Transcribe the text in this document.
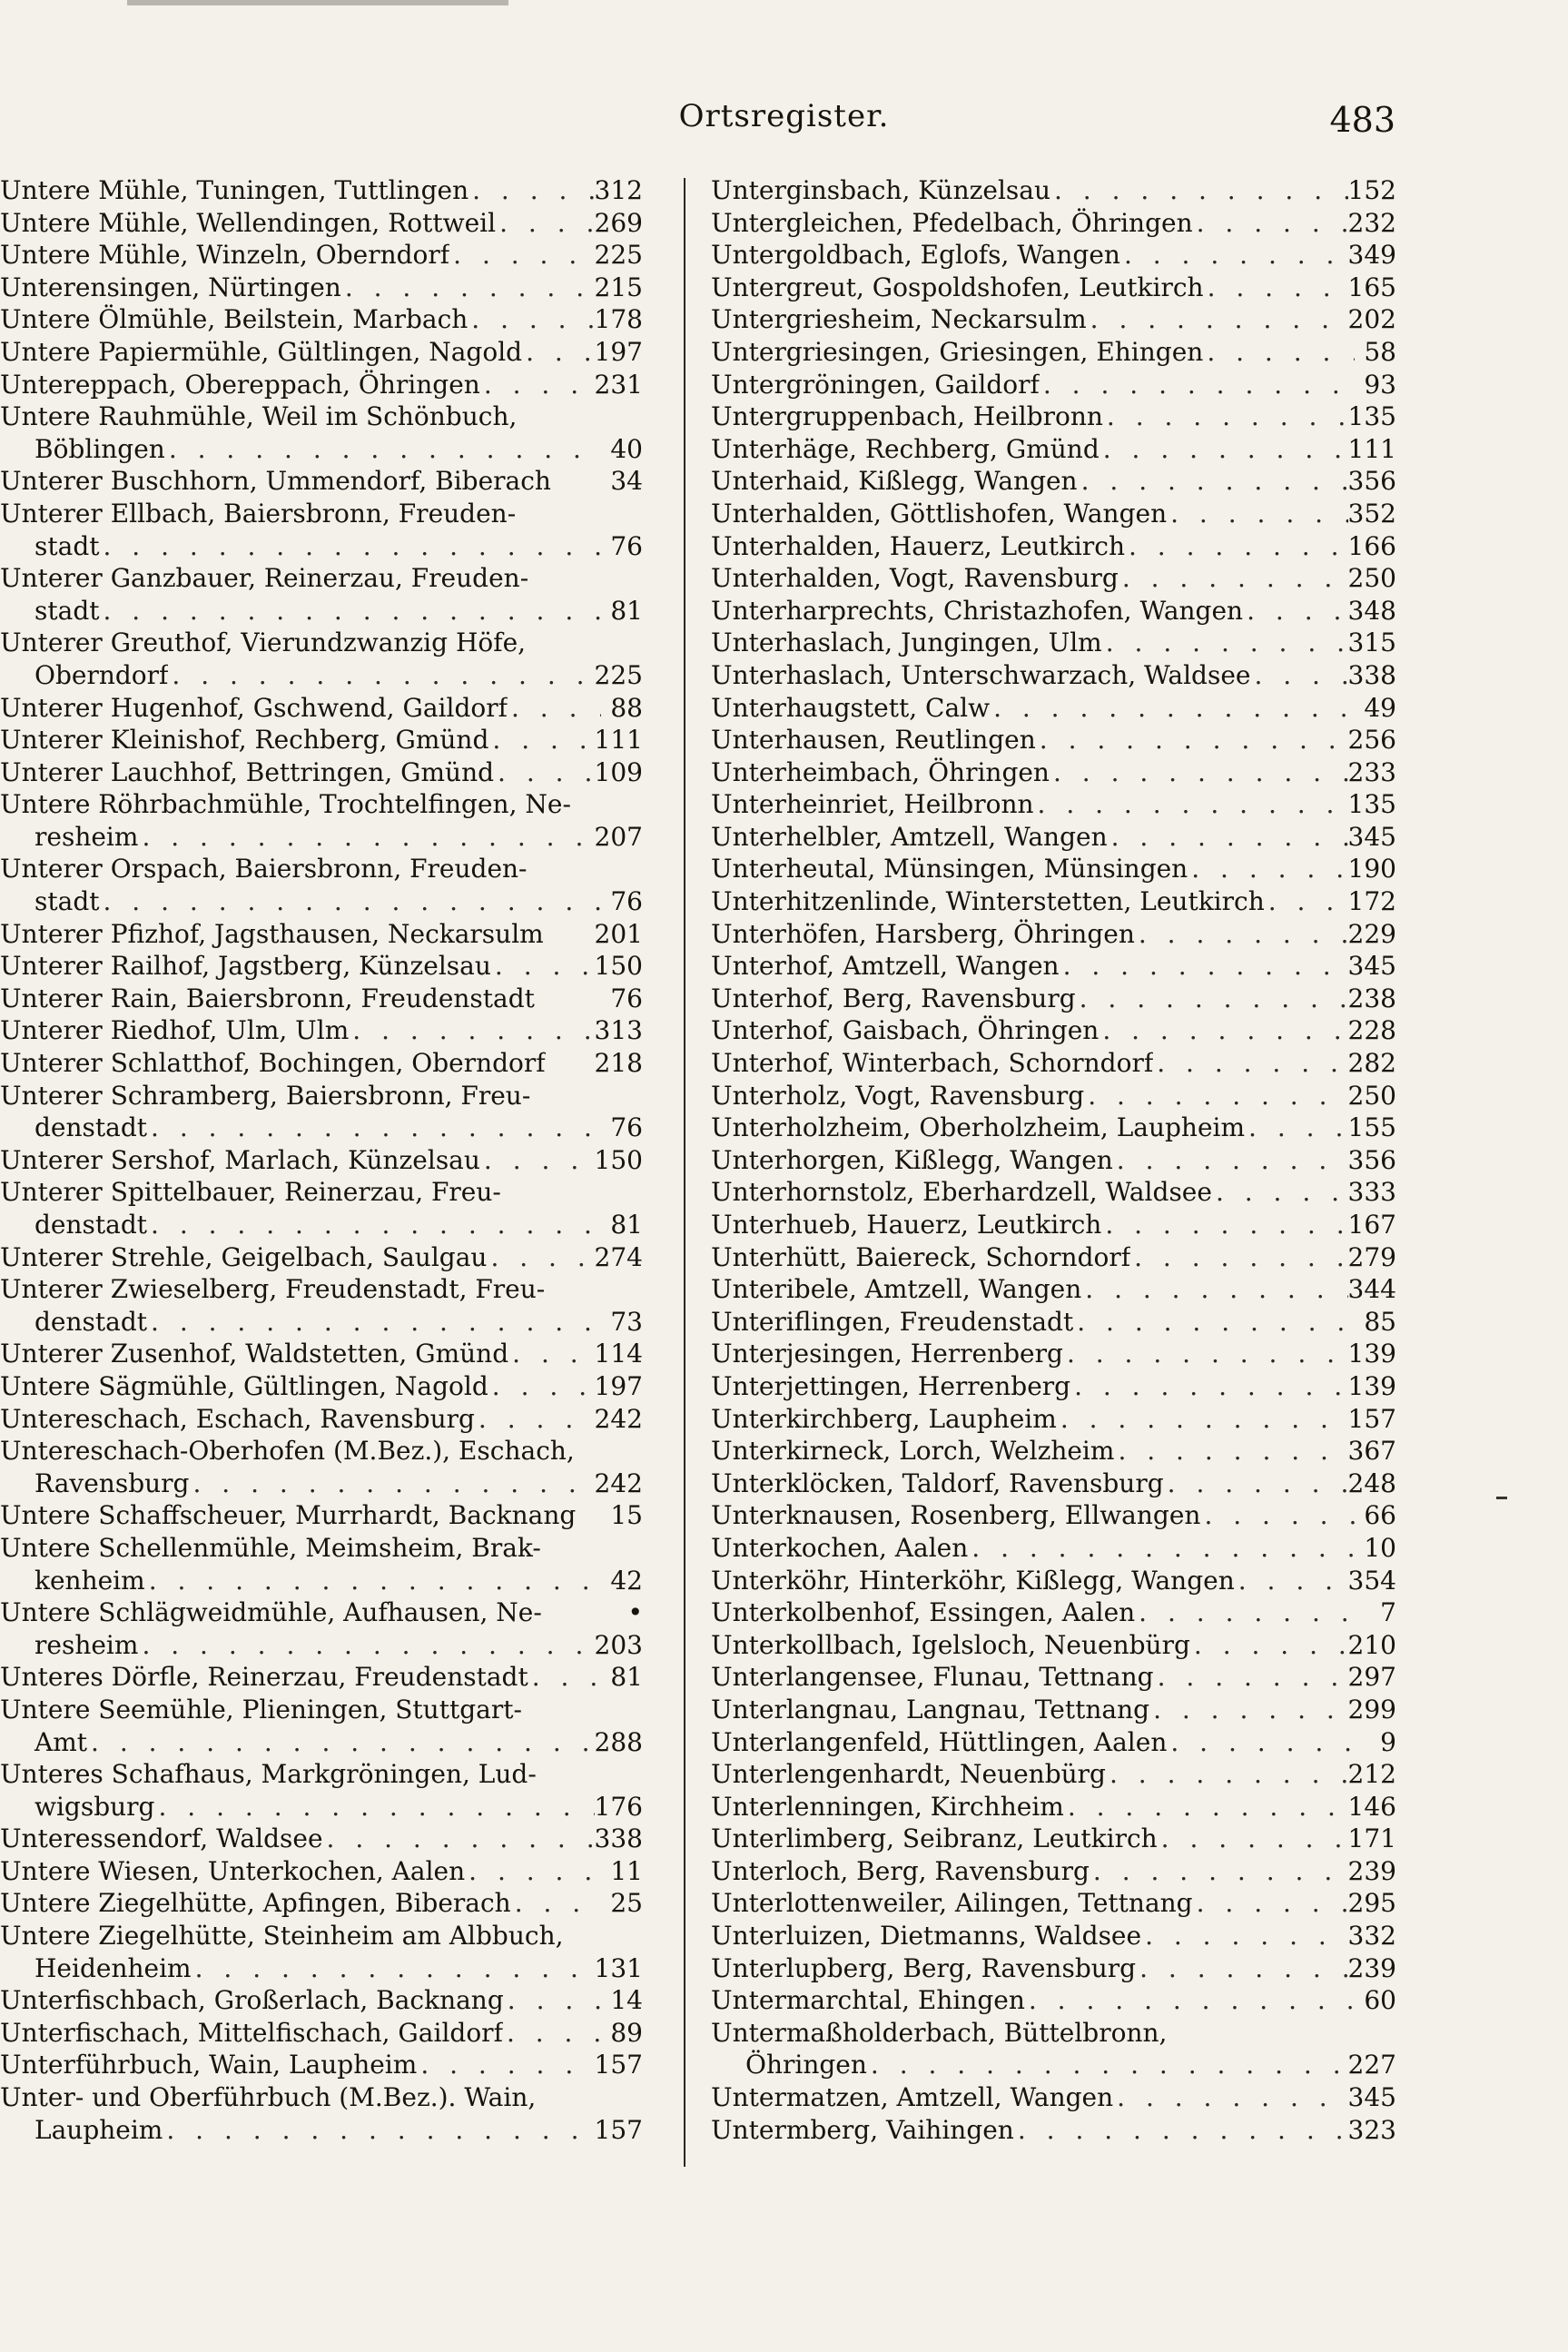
Ortsregister.	483
Untere Mühle, Tuningen, Tuttlingen . . .	312
Untere Mühle, Wellendingen, Rottweil . . .	269
Untere Mühle, Winzeln, Oberndorf . . .	225
Unterensingen, Nürtingen . . .	215
Untere Ölmühle, Beilstein, Marbach . . .	178
Untere Papiermühle, Gültlingen, Nagold . . .	197
Untereppach, Obereppach, Öhringen . . .	231
Untere Rauhmühle, Weil im Schönbuch,
Böblingen . . .	40
Unterer Buschhorn, Ummendorf, Biberach	34
Unterer Ellbach, Baiersbronn, Freuden-
stadt . . .	76
Unterer Ganzbauer, Reinerzau, Freuden-
stadt . . .	81
Unterer Greuthof, Vierundzwanzig Höfe,
Oberndorf . . .	225
Unterer Hugenhof, Gschwend, Gaildorf . . .	88
Unterer Kleinishof, Rechberg, Gmünd . . .	111
Unterer Lauchhof, Bettringen, Gmünd . . .	109
Untere Röhrbachmühle, Trochtelfingen, Ne-
resheim . . .	207
Unterer Orspach, Baiersbronn, Freuden-
stadt . . .	76
Unterer Pfizhof, Jagsthausen, Neckarsulm 201
Unterer Railhof, Jagstberg, Künzelsau . . .	150
Unterer Rain, Baiersbronn, Freudenstadt	76
Unterer Riedhof, Ulm, Ulm . . .	313
Unterer Schlatthof, Bochingen, Oberndorf 218
Unterer Schramberg, Baiersbronn, Freu-
denstadt . . .	76
Unterer Sershof, Marlach, Künzelsau . . .	150
Unterer Spittelbauer, Reinerzau, Freu-
denstadt . . .	81
Unterer Strehle, Geigelbach, Saulgau . . .	274
Unterer Zwieselberg, Freudenstadt, Freu-
denstadt . . .	73
Unterer Zusenhof, Waldstetten, Gmünd . . .	114
Untere Sägmühle, Gültlingen, Nagold . . .	197
Untereschach, Eschach, Ravensburg . . .	242
Untereschach-Oberhofen (M.Bez.), Eschach,
Ravensburg . . .	242
Untere Schaffscheuer, Murrhardt, Backnang	15
Untere Schellenmühle, Meimsheim, Brak-
kenheim . . .	42
Untere Schlägweidmühle, Aufhausen, Ne-	•
resheim . . .	203
Unteres Dörfle, Reinerzau, Freudenstadt . . .	81
Untere Seemühle, Plieningen, Stuttgart-
Amt . . .	288
Unteres Schafhaus, Markgröningen, Lud-
wigsburg . . .	176
Unteressendorf, Waldsee . . .	338
Untere Wiesen, Unterkochen, Aalen . . .	11
Untere Ziegelhütte, Apfingen, Biberach . . .	25
Untere Ziegelhütte, Steinheim am Albbuch,
Heidenheim . . .	131
Unterfischbach, Großerlach, Backnang . . .	14
Unterfischach, Mittelfischach, Gaildorf . . .	89
Unterführbuch, Wain, Laupheim . . .	157
Unter- und Oberführbuch (M.Bez.). Wain,
Laupheim . . .	157
Unterginsbach, Künzelsau . . .	152
Untergleichen, Pfedelbach, Öhringen . . .	232
Untergoldbach, Eglofs, Wangen . . .	349
Untergreut, Gospoldshofen, Leutkirch . . .	165
Untergriesheim, Neckarsulm . . .	202
Untergriesingen, Griesingen, Ehingen . . .	58
Untergröningen, Gaildorf . . .	93
Untergruppenbach, Heilbronn . . .	135
Unterhäge, Rechberg, Gmünd . . .	111
Unterhaid, Kißlegg, Wangen . . .	356
Unterhalden, Göttlishofen, Wangen . . .	352
Unterhalden, Hauerz, Leutkirch . . .	166
Unterhalden, Vogt, Ravensburg . . .	250
Unterharprechts, Christazhofen, Wangen . . .	348
Unterhaslach, Jungingen, Ulm . . .	315
Unterhaslach, Unterschwarzach, Waldsee . . .	338
Unterhaugstett, Calw . . .	49
Unterhausen, Reutlingen . . .	256
Unterheimbach, Öhringen . . .	233
Unterheinriet, Heilbronn . . .	135
Unterhelbler, Amtzell, Wangen . . .	345
Unterheutal, Münsingen, Münsingen . . .	190
Unterhitzenlinde, Winterstetten, Leutkirch . . .	172
Unterhöfen, Harsberg, Öhringen . . .	229
Unterhof, Amtzell, Wangen . . .	345
Unterhof, Berg, Ravensburg . . .	238
Unterhof, Gaisbach, Öhringen . . .	228
Unterhof, Winterbach, Schorndorf . . .	282
Unterholz, Vogt, Ravensburg . . .	250
Unterholzheim, Oberholzheim, Laupheim . . .	155
Unterhorgen, Kißlegg, Wangen . . .	356
Unterhornstolz, Eberhardzell, Waldsee . . .	333
Unterhueb, Hauerz, Leutkirch . . .	167
Unterhütt, Baiereck, Schorndorf . . .	279
Unteribele, Amtzell, Wangen . . .	344
Unteriflingen, Freudenstadt . . .	85
Unterjesingen, Herrenberg . . .	139
Unterjettingen, Herrenberg . . .	139
Unterkirchberg, Laupheim . . .	157
Unterkirneck, Lorch, Welzheim . . .	367
Unterklöcken, Taldorf, Ravensburg . . .	248
Unterknausen, Rosenberg, Ellwangen . . .	66
Unterkochen, Aalen . . .	10
Unterköhr, Hinterköhr, Kißlegg, Wangen . . .	354
Unterkolbenhof, Essingen, Aalen . . .	7
Unterkollbach, Igelsloch, Neuenbürg . . .	210
Unterlangensee, Flunau, Tettnang . . .	297
Unterlangnau, Langnau, Tettnang . . .	299
Unterlangenfeld, Hüttlingen, Aalen . . .	9
Unterlengenhardt, Neuenbürg . . .	212
Unterlenningen, Kirchheim . . .	146
Unterlimberg, Seibranz, Leutkirch . . .	171
Unterloch, Berg, Ravensburg . . .	239
Unterlottenweiler, Ailingen, Tettnang . . .	295
Unterluizen, Dietmanns, Waldsee . . .	332
Unterlupberg, Berg, Ravensburg . . .	239
Untermarchtal, Ehingen . . .	60
Untermaßholderbach, Büttelbronn,
Öhringen . . .	227
Untermatzen, Amtzell, Wangen . . .	345
Untermberg, Vaihingen . . .	323
